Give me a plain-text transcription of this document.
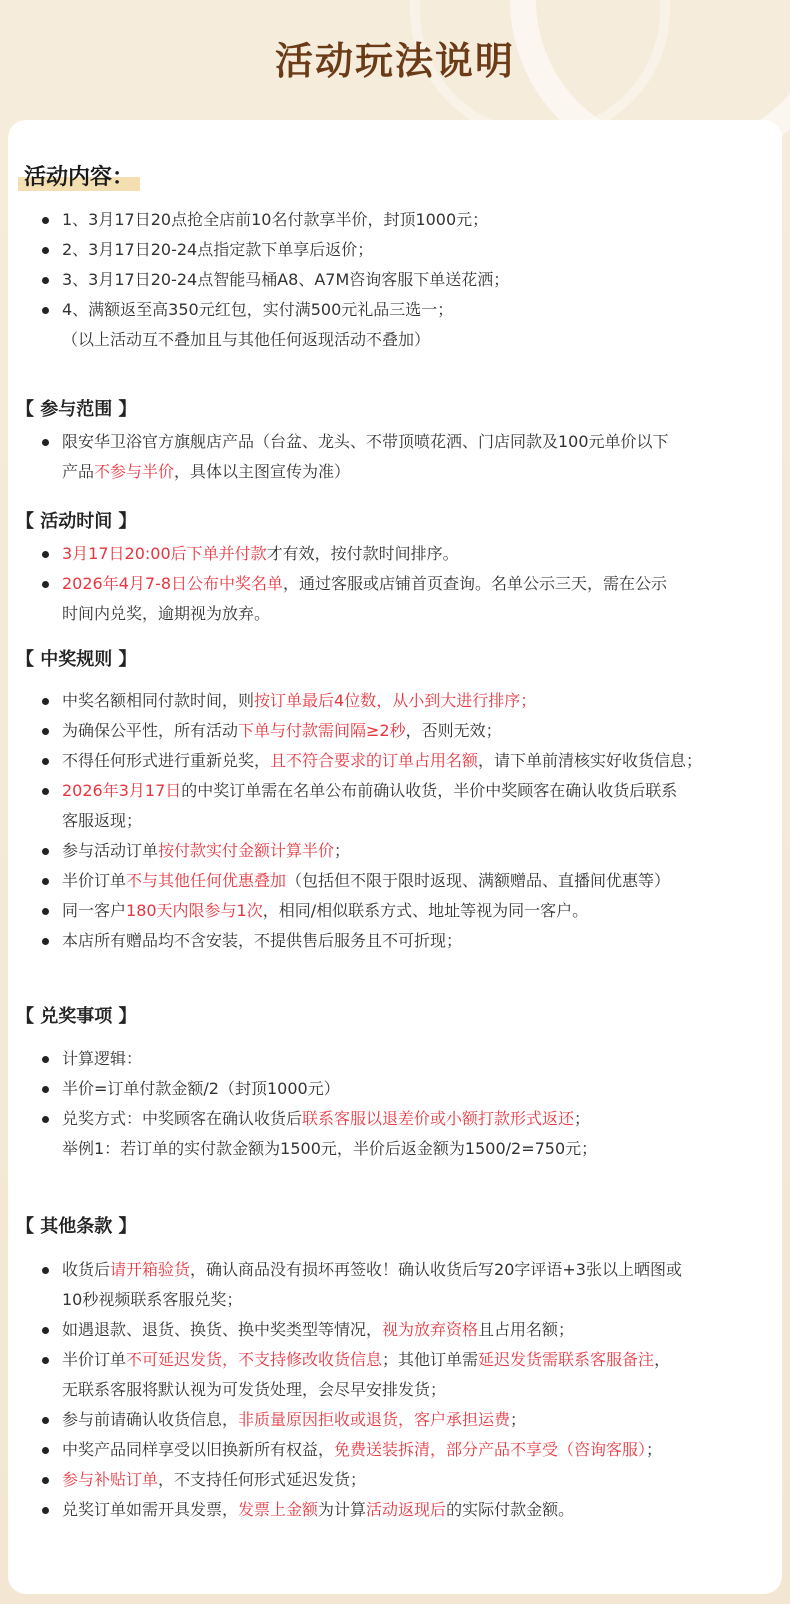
活动玩法说明
活动内容：
1、3月17日20点抢全店前10名付款享半价，封顶1000元；
2、3月17日20-24点指定款下单享后返价；
3、3月17日20-24点智能马桶A8、A7M咨询客服下单送花洒；
4、满额返至高350元红包，实付满500元礼品三选一；
（以上活动互不叠加且与其他任何返现活动不叠加）
【 参与范围 】
限安华卫浴官方旗舰店产品（台盆、龙头、不带顶喷花洒、门店同款及100元单价以下
产品不参与半价，具体以主图宣传为准）
【 活动时间 】
3月17日20:00后下单并付款才有效，按付款时间排序。
2026年4月7-8日公布中奖名单，通过客服或店铺首页查询。名单公示三天，需在公示
时间内兑奖，逾期视为放弃。
【 中奖规则 】
中奖名额相同付款时间，则按订单最后4位数，从小到大进行排序；
为确保公平性，所有活动下单与付款需间隔≥2秒，否则无效；
不得任何形式进行重新兑奖，且不符合要求的订单占用名额，请下单前清核实好收货信息；
2026年3月17日的中奖订单需在名单公布前确认收货，半价中奖顾客在确认收货后联系
客服返现；
参与活动订单按付款实付金额计算半价；
半价订单不与其他任何优惠叠加（包括但不限于限时返现、满额赠品、直播间优惠等）
同一客户180天内限参与1次，相同/相似联系方式、地址等视为同一客户。
本店所有赠品均不含安装，不提供售后服务且不可折现；
【 兑奖事项 】
计算逻辑：
半价=订单付款金额/2（封顶1000元）
兑奖方式：中奖顾客在确认收货后联系客服以退差价或小额打款形式返还；
举例1：若订单的实付款金额为1500元，半价后返金额为1500/2=750元；
【 其他条款 】
收货后请开箱验货，确认商品没有损坏再签收！确认收货后写20字评语+3张以上晒图或
10秒视频联系客服兑奖；
如遇退款、退货、换货、换中奖类型等情况，视为放弃资格且占用名额；
半价订单不可延迟发货，不支持修改收货信息；其他订单需延迟发货需联系客服备注，
无联系客服将默认视为可发货处理，会尽早安排发货；
参与前请确认收货信息，非质量原因拒收或退货，客户承担运费；
中奖产品同样享受以旧换新所有权益，免费送装拆清，部分产品不享受（咨询客服）；
参与补贴订单，不支持任何形式延迟发货；
兑奖订单如需开具发票，发票上金额为计算活动返现后的实际付款金额。
